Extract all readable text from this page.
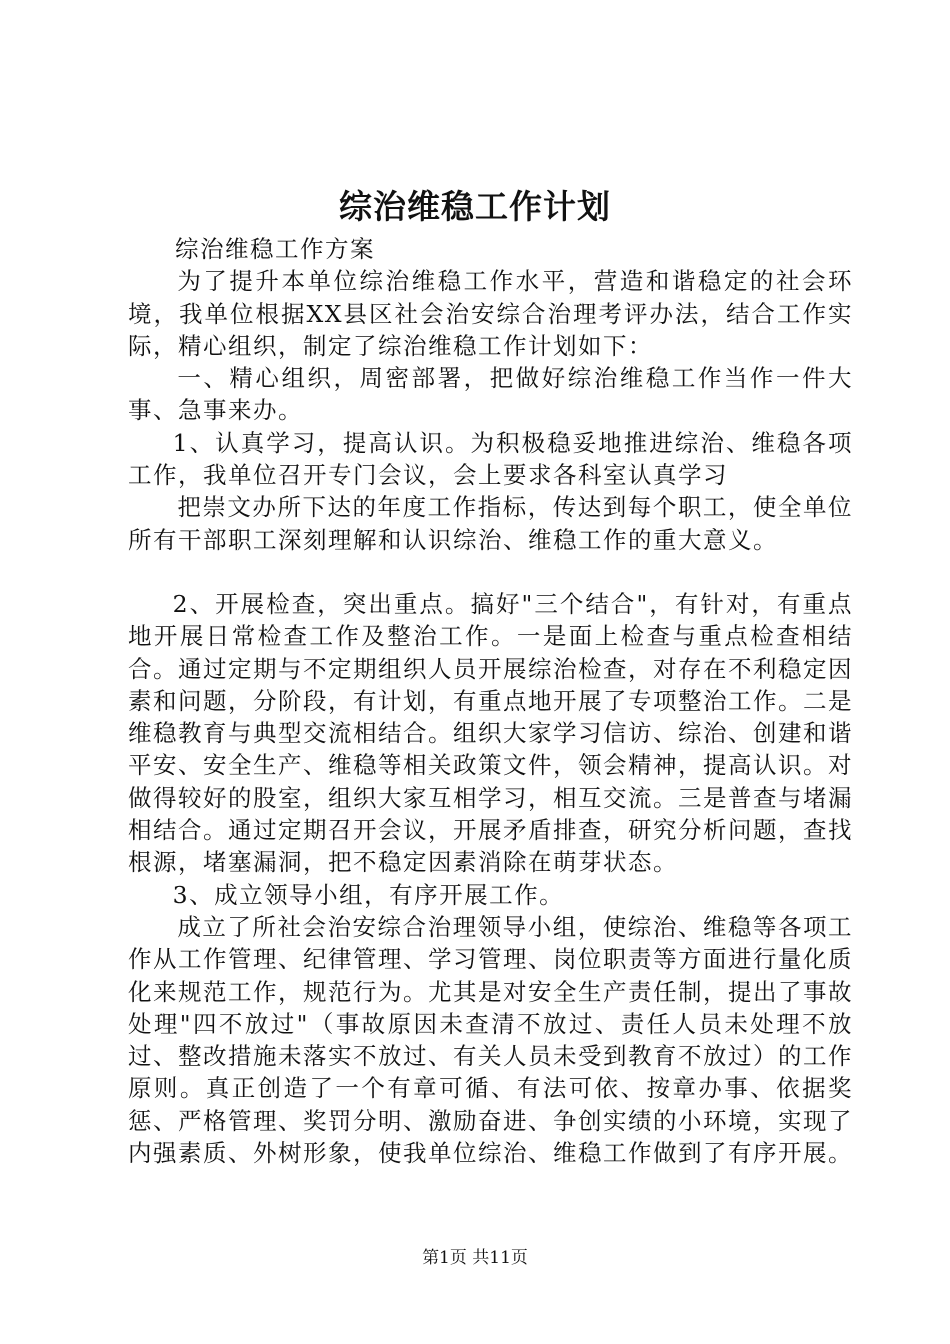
综治维稳工作计划

综治维稳工作方案

为了提升本单位综治维稳工作水平，营造和谐稳定的社会环境，我单位根据XX县区社会治安综合治理考评办法，结合工作实际，精心组织，制定了综治维稳工作计划如下：

一、精心组织，周密部署，把做好综治维稳工作当作一件大事、急事来办。

1、认真学习，提高认识。为积极稳妥地推进综治、维稳各项工作，我单位召开专门会议，会上要求各科室认真学习

把崇文办所下达的年度工作指标，传达到每个职工，使全单位所有干部职工深刻理解和认识综治、维稳工作的重大意义。

2、开展检查，突出重点。搞好"三个结合"，有针对，有重点地开展日常检查工作及整治工作。一是面上检查与重点检查相结合。通过定期与不定期组织人员开展综治检查，对存在不利稳定因素和问题，分阶段，有计划，有重点地开展了专项整治工作。二是维稳教育与典型交流相结合。组织大家学习信访、综治、创建和谐平安、安全生产、维稳等相关政策文件，领会精神，提高认识。对做得较好的股室，组织大家互相学习，相互交流。三是普查与堵漏相结合。通过定期召开会议，开展矛盾排查，研究分析问题，查找根源，堵塞漏洞，把不稳定因素消除在萌芽状态。

3、成立领导小组，有序开展工作。

成立了所社会治安综合治理领导小组，使综治、维稳等各项工作从工作管理、纪律管理、学习管理、岗位职责等方面进行量化质化来规范工作，规范行为。尤其是对安全生产责任制，提出了事故处理"四不放过"（事故原因未查清不放过、责任人员未处理不放过、整改措施未落实不放过、有关人员未受到教育不放过）的工作原则。真正创造了一个有章可循、有法可依、按章办事、依据奖惩、严格管理、奖罚分明、激励奋进、争创实绩的小环境，实现了内强素质、外树形象，使我单位综治、维稳工作做到了有序开展。

第1页 共11页
